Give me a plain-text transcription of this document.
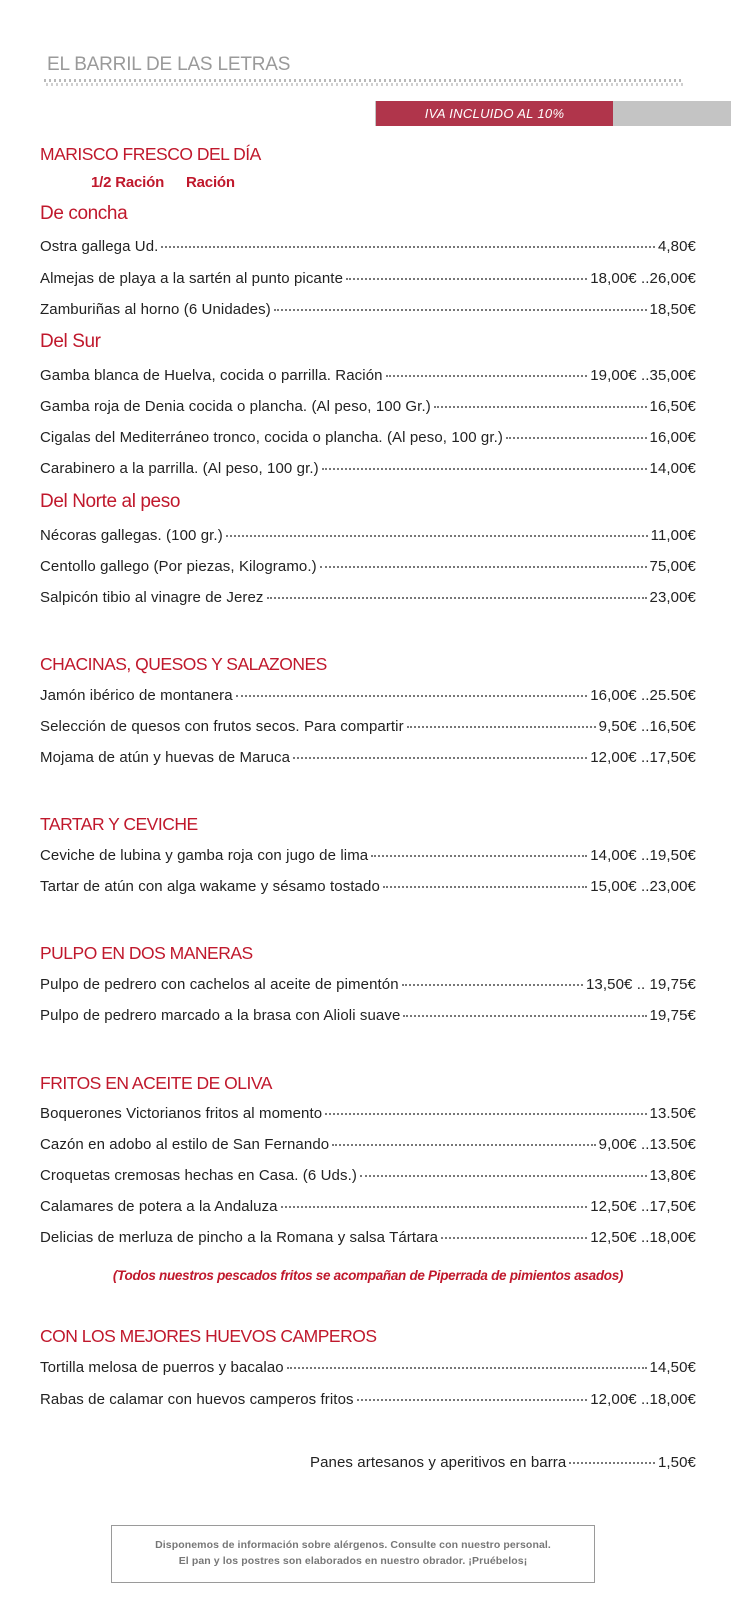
EL BARRIL DE LAS LETRAS
IVA INCLUIDO AL 10%
MARISCO FRESCO DEL DÍA
1/2 Ración Ración
De concha
Ostra gallega Ud.	4,80€
Almejas de playa a la sartén al punto picante	18,00€ ..26,00€
Zamburiñas al horno (6 Unidades)	18,50€
Del Sur
Gamba blanca de Huelva, cocida o parrilla. Ración	19,00€ ..35,00€
Gamba roja de Denia cocida o plancha. (Al peso, 100 Gr.)	16,50€
Cigalas del Mediterráneo tronco, cocida o plancha. (Al peso, 100 gr.)	16,00€
Carabinero a la parrilla. (Al peso, 100 gr.)	14,00€
Del Norte al peso
Nécoras gallegas. (100 gr.)	11,00€
Centollo gallego (Por piezas, Kilogramo.)	75,00€
Salpicón tibio al vinagre de Jerez	23,00€
CHACINAS, QUESOS Y SALAZONES
Jamón ibérico de montanera	16,00€ ..25.50€
Selección de quesos con frutos secos. Para compartir	9,50€ ..16,50€
Mojama de atún y huevas de Maruca	12,00€ ..17,50€
TARTAR Y CEVICHE
Ceviche de lubina y gamba roja con jugo de lima	14,00€ ..19,50€
Tartar de atún con alga wakame y sésamo tostado	15,00€ ..23,00€
PULPO EN DOS MANERAS
Pulpo de pedrero con cachelos al aceite de pimentón	13,50€ .. 19,75€
Pulpo de pedrero marcado a la brasa con Alioli suave	19,75€
FRITOS EN ACEITE DE OLIVA
Boquerones Victorianos fritos al momento	13.50€
Cazón en adobo al estilo de San Fernando	9,00€ ..13.50€
Croquetas cremosas hechas en Casa. (6 Uds.)	13,80€
Calamares de potera a la Andaluza	12,50€ ..17,50€
Delicias de merluza de pincho a la Romana y salsa Tártara	12,50€ ..18,00€
(Todos nuestros pescados fritos se acompañan de Piperrada de pimientos asados)
CON LOS MEJORES HUEVOS CAMPEROS
Tortilla melosa de puerros y bacalao	14,50€
Rabas de calamar con huevos camperos fritos	12,00€ ..18,00€
Panes artesanos y aperitivos en barra	1,50€
Disponemos de información sobre alérgenos. Consulte con nuestro personal.
El pan y los postres son elaborados en nuestro obrador. ¡Pruébelos¡
